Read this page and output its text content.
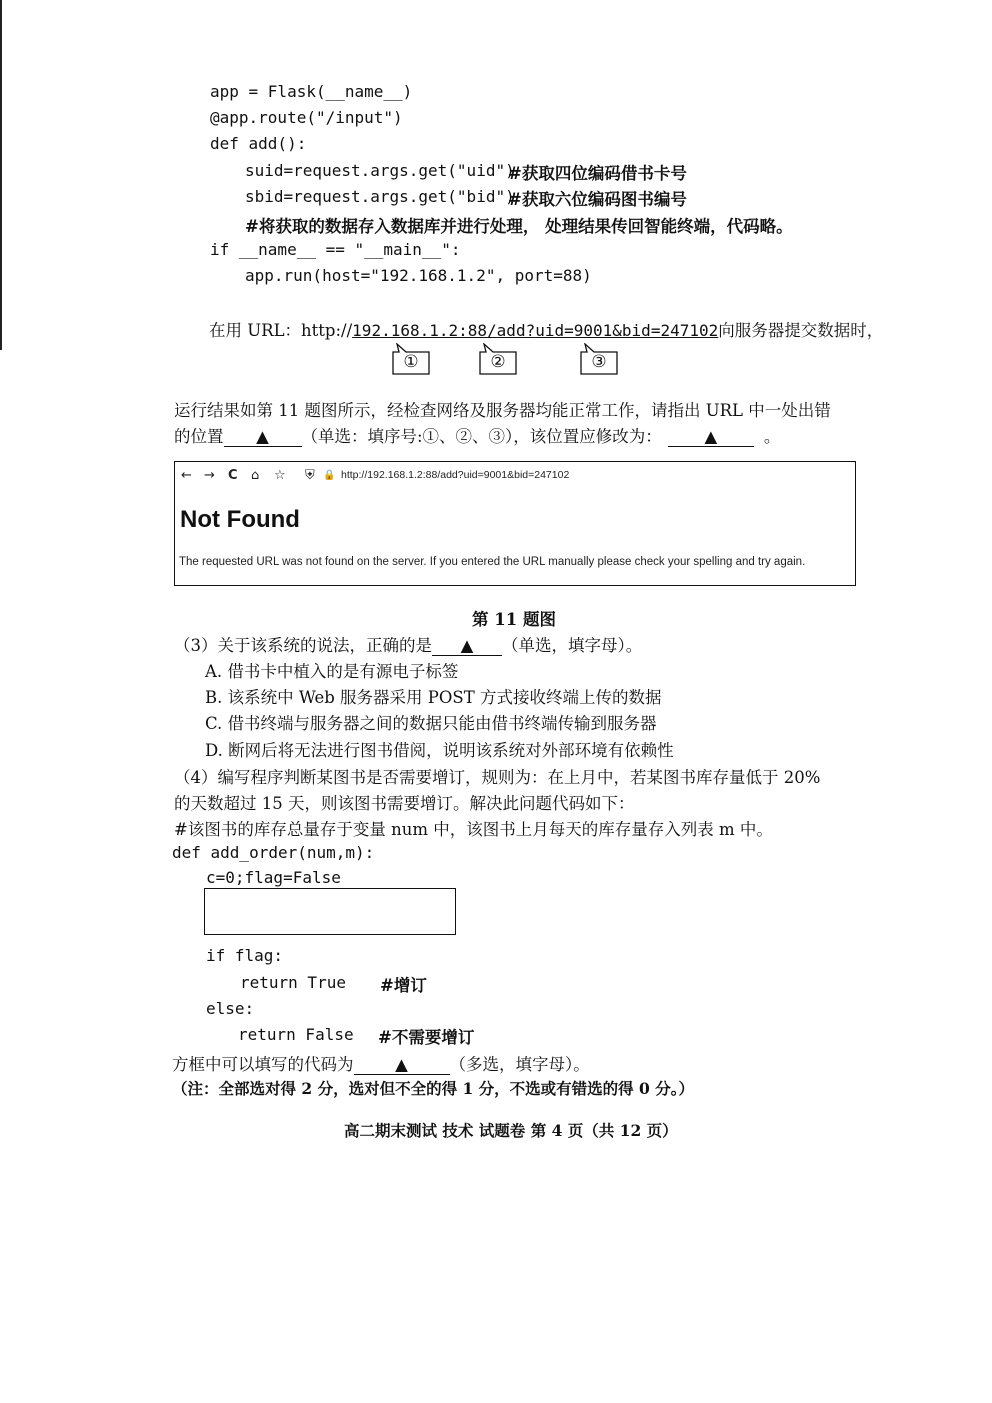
app = Flask(__name__)
@app.route("/input")
def add():
suid=request.args.get("uid")
#获取四位编码借书卡号
sbid=request.args.get("bid")
#获取六位编码图书编号
#将获取的数据存入数据库并进行处理， 处理结果传回智能终端，代码略。
if __name__ == "__main__":
app.run(host="192.168.1.2", port=88)
在用 URL：http://192.168.1.2:88/add?uid=9001&bid=247102向服务器提交数据时，
①	②	③
运行结果如第 11 题图所示，经检查网络及服务器均能正常工作，请指出 URL 中一处出错
的位置 ▲ （单选：填序号:①、②、③），该位置应修改为：	▲	。
← → C ⌂ ☆ ⛨ 🔒 http://192.168.1.2:88/add?uid=9001&bid=247102
Not Found
The requested URL was not found on the server. If you entered the URL manually please check your spelling and try again.
第 11 题图
（3）关于该系统的说法，正确的是 ▲ （单选，填字母）。
A. 借书卡中植入的是有源电子标签
B. 该系统中 Web 服务器采用 POST 方式接收终端上传的数据
C. 借书终端与服务器之间的数据只能由借书终端传输到服务器
D. 断网后将无法进行图书借阅，说明该系统对外部环境有依赖性
（4）编写程序判断某图书是否需要增订，规则为：在上月中，若某图书库存量低于 20%
的天数超过 15 天，则该图书需要增订。解决此问题代码如下：
#该图书的库存总量存于变量 num 中，该图书上月每天的库存量存入列表 m 中。
def add_order(num,m):
c=0;flag=False
if flag:
return True #增订
else:
return False #不需要增订
方框中可以填写的代码为	▲	（多选，填字母）。
（注：全部选对得 2 分，选对但不全的得 1 分，不选或有错选的得 0 分。）
高二期末测试 技术 试题卷 第 4 页（共 12 页）
